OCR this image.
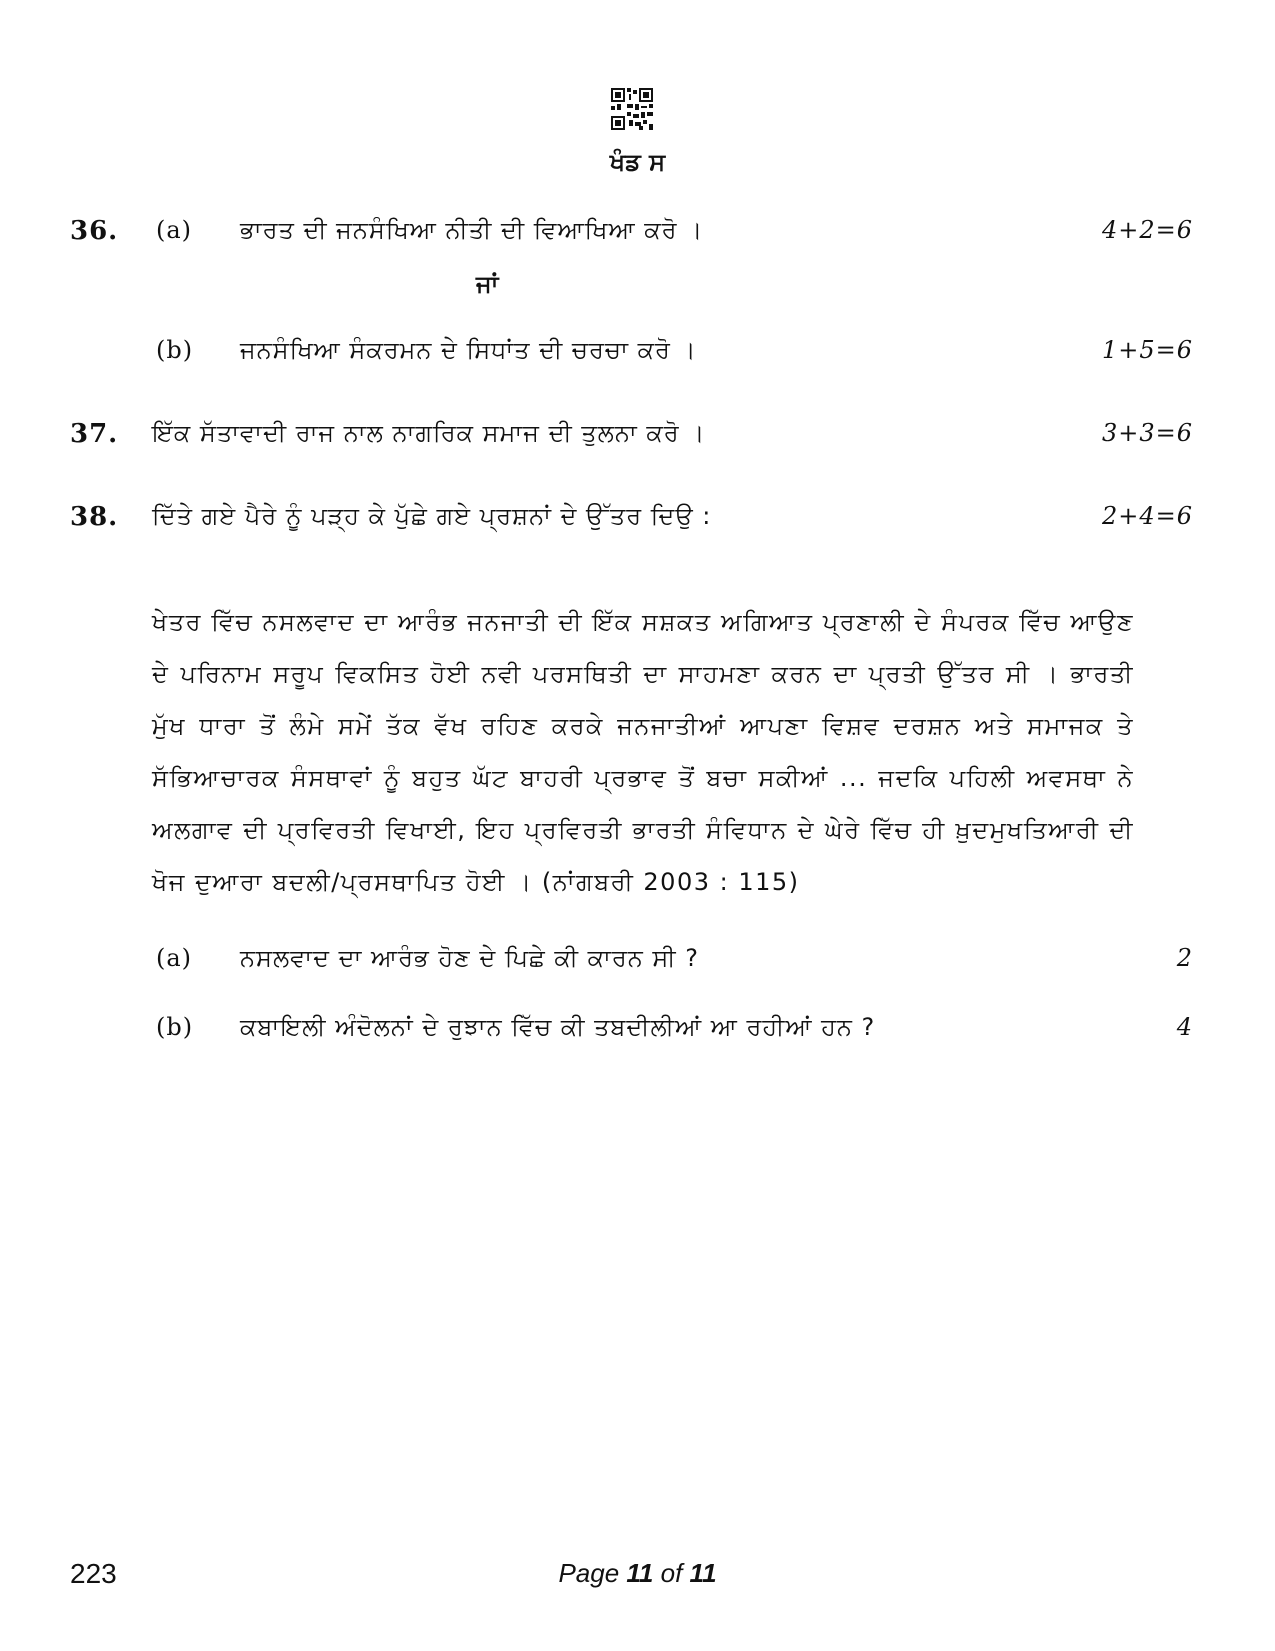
ਖੰਡ ਸ
36. (a) ਭਾਰਤ ਦੀ ਜਨਸੰਖਿਆ ਨੀਤੀ ਦੀ ਵਿਆਖਿਆ ਕਰੋ ।	4+2=6
ਜਾਂ
(b) ਜਨਸੰਖਿਆ ਸੰਕਰਮਨ ਦੇ ਸਿਧਾਂਤ ਦੀ ਚਰਚਾ ਕਰੋ ।	1+5=6
37. ਇੱਕ ਸੱਤਾਵਾਦੀ ਰਾਜ ਨਾਲ ਨਾਗਰਿਕ ਸਮਾਜ ਦੀ ਤੁਲਨਾ ਕਰੋ ।	3+3=6
38. ਦਿੱਤੇ ਗਏ ਪੈਰੇ ਨੂੰ ਪੜ੍ਹ ਕੇ ਪੁੱਛੇ ਗਏ ਪ੍ਰਸ਼ਨਾਂ ਦੇ ਉੱਤਰ ਦਿਉ :	2+4=6
ਖੇਤਰ ਵਿੱਚ ਨਸਲਵਾਦ ਦਾ ਆਰੰਭ ਜਨਜਾਤੀ ਦੀ ਇੱਕ ਸਸ਼ਕਤ ਅਗਿਆਤ ਪ੍ਰਣਾਲੀ ਦੇ ਸੰਪਰਕ ਵਿੱਚ ਆਉਣ ਦੇ ਪਰਿਨਾਮ ਸਰੂਪ ਵਿਕਸਿਤ ਹੋਈ ਨਵੀ ਪਰਸਥਿਤੀ ਦਾ ਸਾਹਮਣਾ ਕਰਨ ਦਾ ਪ੍ਰਤੀ ਉੱਤਰ ਸੀ । ਭਾਰਤੀ ਮੁੱਖ ਧਾਰਾ ਤੋਂ ਲੰਮੇ ਸਮੇਂ ਤੱਕ ਵੱਖ ਰਹਿਣ ਕਰਕੇ ਜਨਜਾਤੀਆਂ ਆਪਣਾ ਵਿਸ਼ਵ ਦਰਸ਼ਨ ਅਤੇ ਸਮਾਜਕ ਤੇ ਸੱਭਿਆਚਾਰਕ ਸੰਸਥਾਵਾਂ ਨੂੰ ਬਹੁਤ ਘੱਟ ਬਾਹਰੀ ਪ੍ਰਭਾਵ ਤੋਂ ਬਚਾ ਸਕੀਆਂ ... ਜਦਕਿ ਪਹਿਲੀ ਅਵਸਥਾ ਨੇ ਅਲਗਾਵ ਦੀ ਪ੍ਰਵਿਰਤੀ ਵਿਖਾਈ, ਇਹ ਪ੍ਰਵਿਰਤੀ ਭਾਰਤੀ ਸੰਵਿਧਾਨ ਦੇ ਘੇਰੇ ਵਿੱਚ ਹੀ ਖ਼ੁਦਮੁਖਤਿਆਰੀ ਦੀ ਖੋਜ ਦੁਆਰਾ ਬਦਲੀ/ਪ੍ਰਸਥਾਪਿਤ ਹੋਈ । (ਨਾਂਗਬਰੀ 2003 : 115)
(a) ਨਸਲਵਾਦ ਦਾ ਆਰੰਭ ਹੋਣ ਦੇ ਪਿਛੇ ਕੀ ਕਾਰਨ ਸੀ ?	2
(b) ਕਬਾਇਲੀ ਅੰਦੋਲਨਾਂ ਦੇ ਰੁਝਾਨ ਵਿੱਚ ਕੀ ਤਬਦੀਲੀਆਂ ਆ ਰਹੀਆਂ ਹਨ ?	4
223	Page 11 of 11
